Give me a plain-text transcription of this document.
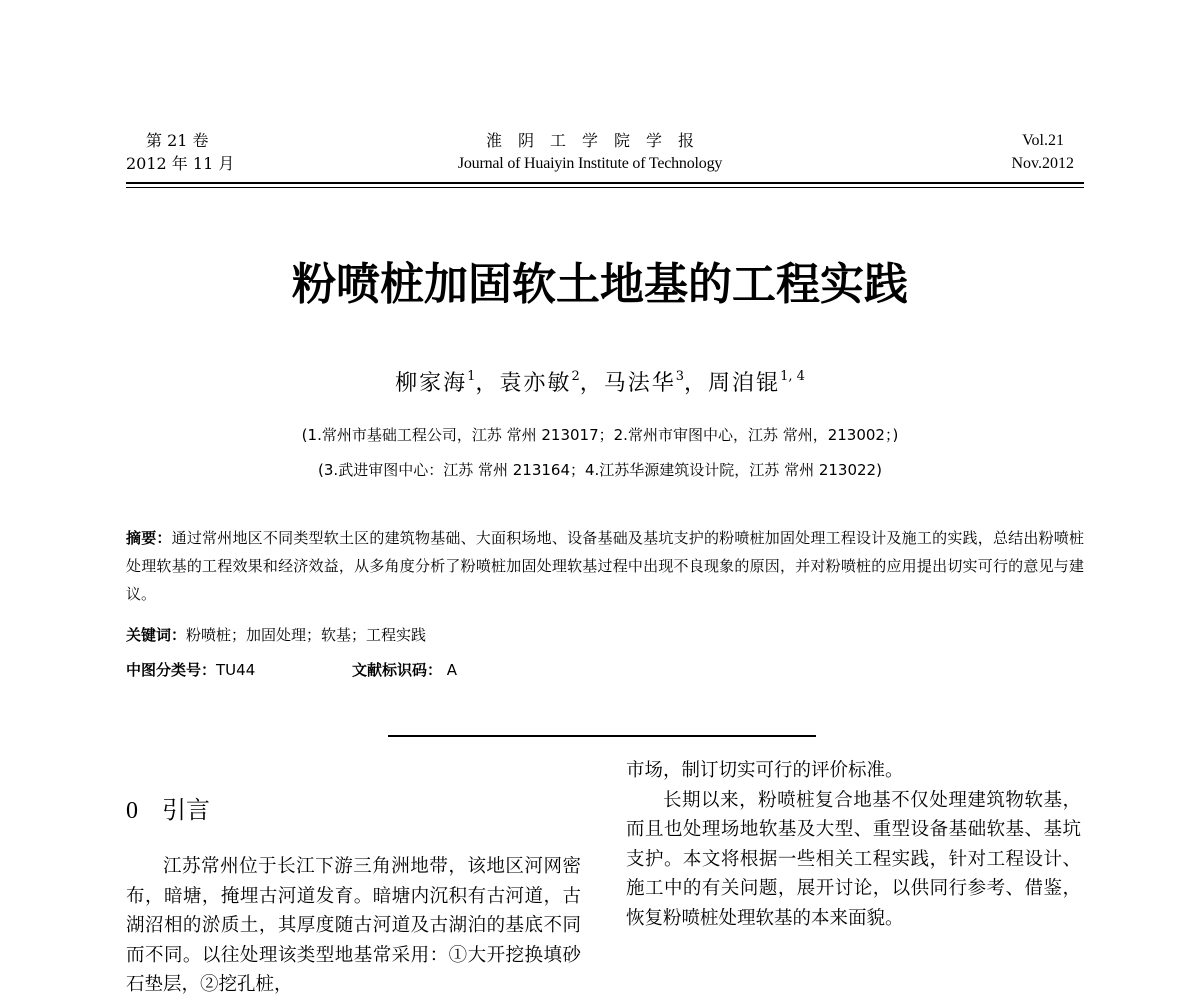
第 21 卷
2012 年 11 月
淮阴工学院学报
Journal of Huaiyin Institute of Technology
Vol.21
Nov.2012
粉喷桩加固软土地基的工程实践
柳家海$^1$，袁亦敏$^2$，马法华$^3$，周洎锟$^{1, 4}$
(1.常州市基础工程公司，江苏 常州 213017；2.常州市审图中心，江苏 常州，213002；)
(3.武进审图中心：江苏 常州 213164；4.江苏华源建筑设计院，江苏 常州 213022)
摘要：通过常州地区不同类型软土区的建筑物基础、大面积场地、设备基础及基坑支护的粉喷桩加固处理工程设计及施工的实践，总结出粉喷桩处理软基的工程效果和经济效益，从多角度分析了粉喷桩加固处理软基过程中出现不良现象的原因，并对粉喷桩的应用提出切实可行的意见与建议。
关键词：粉喷桩；加固处理；软基；工程实践
中图分类号：TU44	文献标识码： A
0 引言

江苏常州位于长江下游三角洲地带，该地区河网密布，暗塘，掩埋古河道发育。暗塘内沉积有古河道，古湖沼相的淤质土，其厚度随古河道及古湖泊的基底不同而不同。以往处理该类型地基常采用：①大开挖换填砂石垫层，②挖孔桩，

市场，制订切实可行的评价标准。

长期以来，粉喷桩复合地基不仅处理建筑物软基，而且也处理场地软基及大型、重型设备基础软基、基坑支护。本文将根据一些相关工程实践，针对工程设计、施工中的有关问题，展开讨论，以供同行参考、借鉴，恢复粉喷桩处理软基的本来面貌。
